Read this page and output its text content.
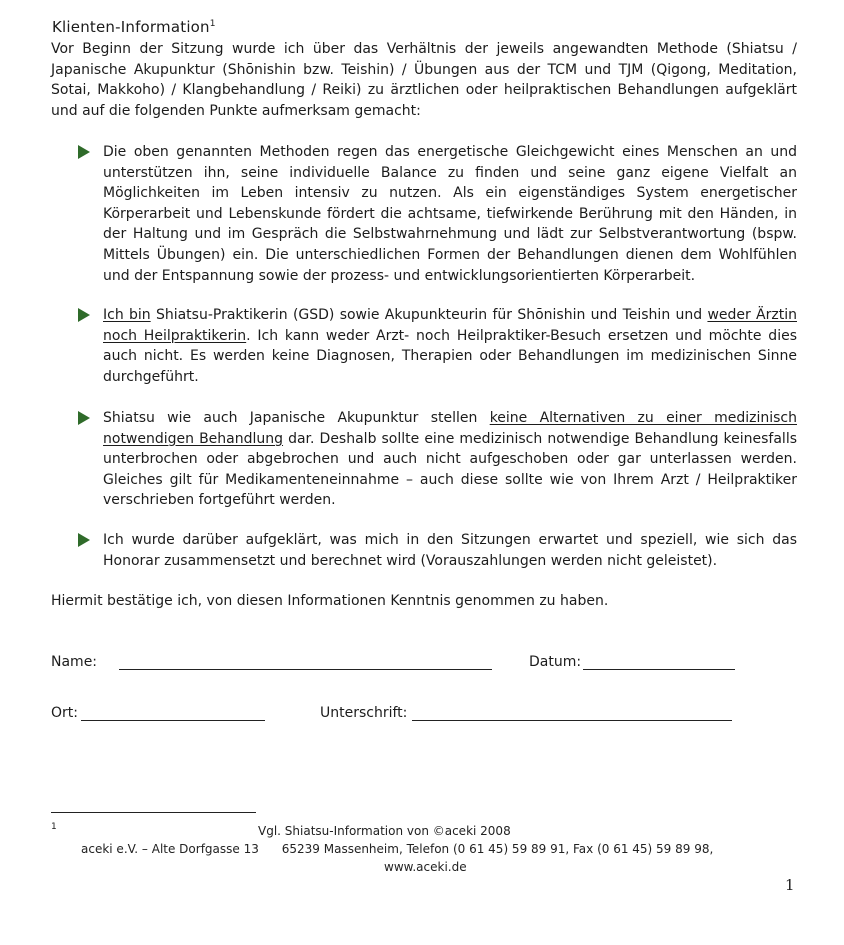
Klienten-Information$^1$
Vor Beginn der Sitzung wurde ich über das Verhältnis der jeweils angewandten Methode (Shiatsu / Japanische Akupunktur (Shōnishin bzw. Teishin) / Übungen aus der TCM und TJM (Qigong, Meditation, Sotai, Makkoho) / Klangbehandlung / Reiki) zu ärztlichen oder heilpraktischen Behandlungen aufgeklärt und auf die folgenden Punkte aufmerksam gemacht:
Die oben genannten Methoden regen das energetische Gleichgewicht eines Menschen an und unterstützen ihn, seine individuelle Balance zu finden und seine ganz eigene Vielfalt an Möglichkeiten im Leben intensiv zu nutzen. Als ein eigenständiges System energetischer Körperarbeit und Lebenskunde fördert die achtsame, tiefwirkende Berührung mit den Händen, in der Haltung und im Gespräch die Selbstwahrnehmung und lädt zur Selbstverantwortung (bspw. Mittels Übungen) ein. Die unterschiedlichen Formen der Behandlungen dienen dem Wohlfühlen und der Entspannung sowie der prozess- und entwicklungsorientierten Körperarbeit.
Ich bin Shiatsu-Praktikerin (GSD) sowie Akupunkteurin für Shōnishin und Teishin und weder Ärztin noch Heilpraktikerin. Ich kann weder Arzt- noch Heilpraktiker-Besuch ersetzen und möchte dies auch nicht. Es werden keine Diagnosen, Therapien oder Behandlungen im medizinischen Sinne durchgeführt.
Shiatsu wie auch Japanische Akupunktur stellen keine Alternativen zu einer medizinisch notwendigen Behandlung dar. Deshalb sollte eine medizinisch notwendige Behandlung keinesfalls unterbrochen oder abgebrochen und auch nicht aufgeschoben oder gar unterlassen werden. Gleiches gilt für Medikamenteneinnahme – auch diese sollte wie von Ihrem Arzt / Heilpraktiker verschrieben fortgeführt werden.
Ich wurde darüber aufgeklärt, was mich in den Sitzungen erwartet und speziell, wie sich das Honorar zusammensetzt und berechnet wird (Vorauszahlungen werden nicht geleistet).
Hiermit bestätige ich, von diesen Informationen Kenntnis genommen zu haben.
Name:	Datum:
Ort:	Unterschrift:
1	Vgl. Shiatsu-Information von ©aceki 2008
aceki e.V. – Alte Dorfgasse 13      65239 Massenheim, Telefon (0 61 45) 59 89 91, Fax (0 61 45) 59 89 98,
www.aceki.de
1
